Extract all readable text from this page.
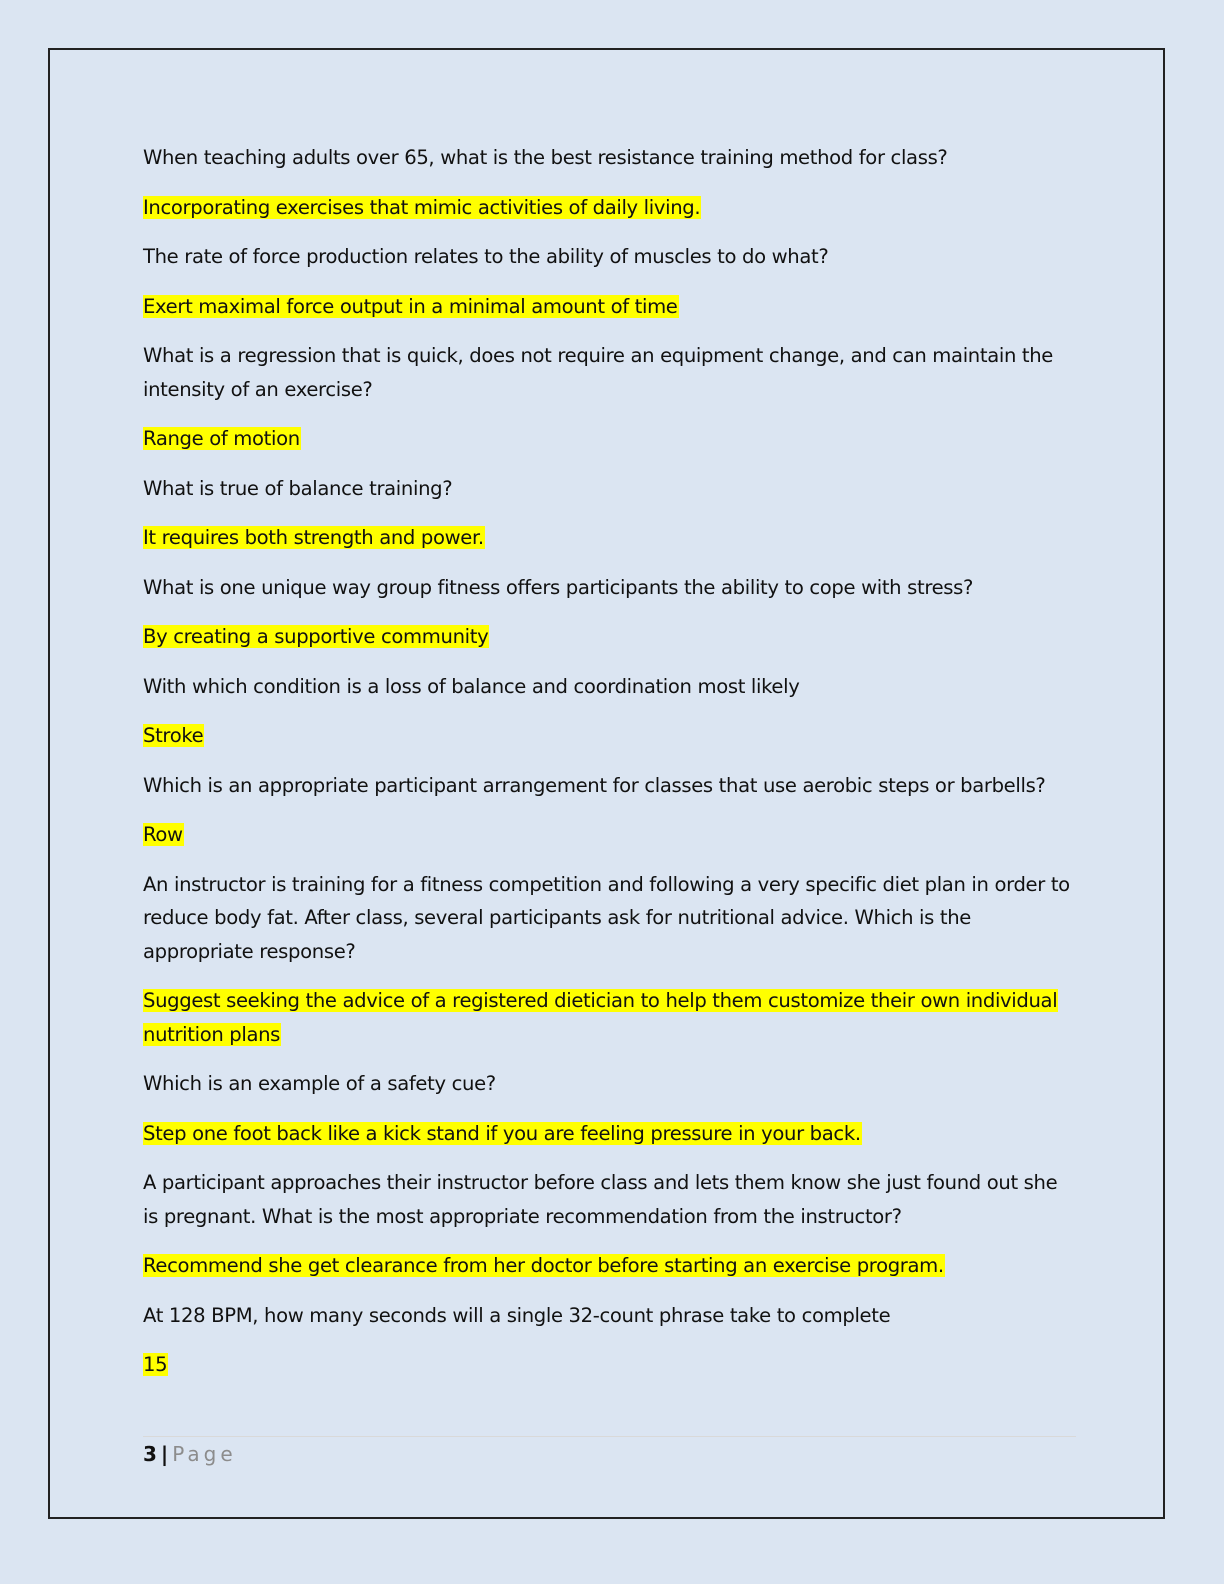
When teaching adults over 65, what is the best resistance training method for class?
Incorporating exercises that mimic activities of daily living.
The rate of force production relates to the ability of muscles to do what?
Exert maximal force output in a minimal amount of time
What is a regression that is quick, does not require an equipment change, and can maintain the intensity of an exercise?
Range of motion
What is true of balance training?
It requires both strength and power.
What is one unique way group fitness offers participants the ability to cope with stress?
By creating a supportive community
With which condition is a loss of balance and coordination most likely
Stroke
Which is an appropriate participant arrangement for classes that use aerobic steps or barbells?
Row
An instructor is training for a fitness competition and following a very specific diet plan in order to reduce body fat. After class, several participants ask for nutritional advice. Which is the appropriate response?
Suggest seeking the advice of a registered dietician to help them customize their own individual nutrition plans
Which is an example of a safety cue?
Step one foot back like a kick stand if you are feeling pressure in your back.
A participant approaches their instructor before class and lets them know she just found out she is pregnant. What is the most appropriate recommendation from the instructor?
Recommend she get clearance from her doctor before starting an exercise program.
At 128 BPM, how many seconds will a single 32-count phrase take to complete
15
3 | Page
